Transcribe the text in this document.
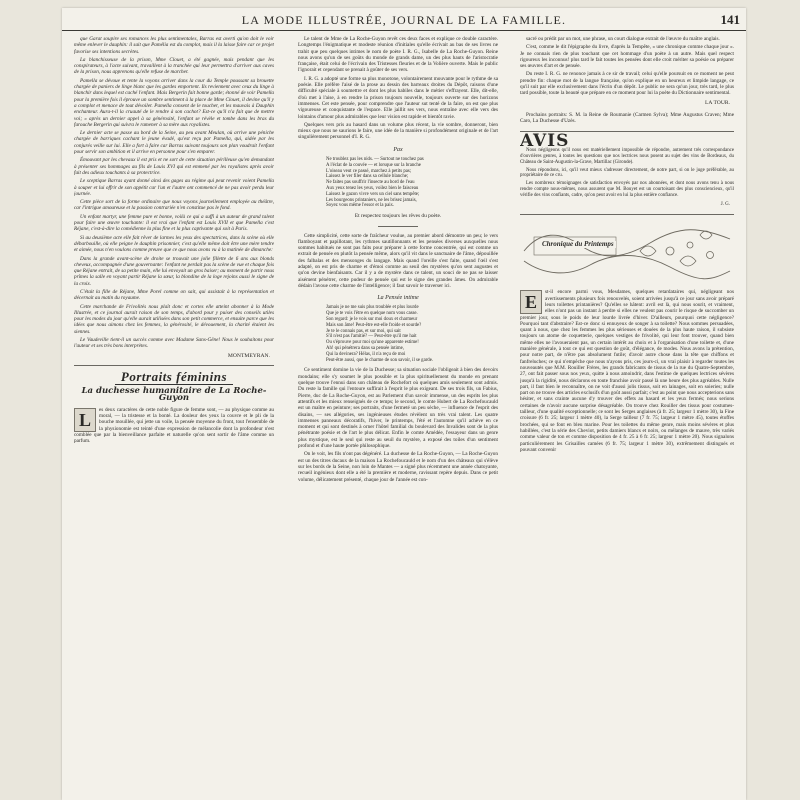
LA MODE ILLUSTRÉE, JOURNAL DE LA FAMILLE.	141

que Garat soupire ses romances les plus sentimentales, Barras est averti qu'on doit le voir même enlever le dauphin: il sait que Pamélia est du complot, mais il la laisse faire car ce projet favorise ses intentions secrètes.

La blanchisseuse de la prison, Mme Clouet, a été gagnée, mais pendant que les conspirateurs, à l'acte suivant, travaillent à la tranchée qui leur permettra d'arriver aux caves de la prison, nous apprenons qu'elle refuse de marcher.

Pamella se dévoue et tente la voyons arriver dans la cour du Temple poussant sa brouette chargée de paniers de linge blanc que les gardes emportent. Ils reviennent avec ceux du linge à blanchir dans lequel est caché l'enfant. Mais Bergerin fait bonne garde; étonné de voir Pamella pour la première fois il éprouve un sombre sentiment à la place de Mme Clouet, il devine qu'il y a complot et menace de tout dévoiler. Pamella consent de le toucher, et les mauvais à Dauphin enchanteur. Aura-t-il la cruauté de le rendre à son cachot? Est-ce qu'il n'a fait que de mettre voi; « après un dernier appel à sa générosité, l'enfant se révèle et tombe dans les bras du farouche Bergerin qui suivra le ramener à sa mère aux royalistes.

Le dernier acte se passe au bord de la Seine, au peu avant Meulan, où arrive une péniche chargée de barriques cachant le jeune évadé, qu'est reçu par Pamella, qui, aidée par les conjurés veille sur lui. Elle a fort à faire car Barras suivant toujours son plan voudrait l'enfant pour servir son ambition et il arrive en personne pour s'en emparer.

Émouvant par les chevaux il est pris et ne sort de cette situation périlleuse qu'en demandant à présenter ses hommages au fils de Louis XVI qui est emmené par les royalistes après avoir fait des adieux touchants à sa protectrice.

Le sceptique Barras ayant donné ainsi des gages au régime qui peut revenir voient Pamella à souper et lui offrir de son appétit car l'un et l'autre ont commencé de ne pas avoir perdu leur journée.

Cette pièce sort de la forme ordinaire que nous voyons journellement employée au théâtre, car l'intrigue amoureuse et la passion contrariée n'en constitue pas le fond.

Un enfant martyr, une femme pure et bonne, voilà ce qui a suffi à un auteur de grand talent pour faire une œuvre touchante: il est vrai que l'enfant est Louis XVII et que Pamella c'est Réjane, c'est-à-dire la comédienne la plus fine et la plus captivante qui soit à Paris.

Si au deuxième acte elle fait rêver de larmes les yeux des spectatrices, dans la scène où elle débarbouille, où elle peigne le dauphin prisonnier, c'est qu'elle même doit être une mère tendre et aimée, nous n'en voulons comme preuve que ce que nous avons vu à la matinée de dimanche:

Dans la grande avant-scène de droite se trouvait une jolie fillette de 6 ans aux blonds cheveux, accompagnée d'une gouvernante: l'enfant ne perdait pas la scène de vue et chaque fois que Réjane entrait, de sa petite main, elle lui envoyait un gros baiser; au moment de partir nous prîmes la salle en voyant partir Réjane la sœur, la blondine de la loge rejoins aussi le signe de la croix.

C'était la fille de Réjane, Mme Porel comme on sait, qui assistait à la représentation et décernait au matin du royaume.

Cette marchande de Frivolités nous plaît donc et cortes elle atteint abonner à la Mode Illustrée, et ce journal aurait raison de son temps, d'abord pour y puiser des conseils utiles pour les modes du jour qu'elle aurait utilisées dans son petit commerce, et ensuite parce que les idées que nous aimons chez les femmes, la générosité, le dévouement, la charité étaient les siennes.

Le Vaudeville tient-il un succès comme avec Madame Sans-Gêne! Nous le souhaitons pour l'auteur et ses très bons interprètes.

MONTMEYRAN.
Portraits féminins
La duchesse humanitaire de La Roche-Guyon
L	es deux caractères de cette noble figure de femme sont, — au physique comme au moral, — la tristesse et la bonté. La douleur des yeux la couvre et le pli de la bouche mouillée, qui jette un voile, la pensée moyenne du front, tout l'ensemble de la physionomie est teinté d'une expression de mélancolie dont la profondeur n'est comblée que par la bienveillance parfaite et naturelle qu'on sent sortir de l'âme comme un parfum.

Le talent de Mme de La Roche-Guyon revêt ces deux faces et explique ce double caractère. Longtemps l'énigmatique et modeste réunion d'initiales qu'elle écrivait au bas de ses livres ne trahit que peu quelques intimes le nom de poète I. R. G., Isabelle de La Roche-Guyon. Reine nous avons qu'un de ses goûts du monde de grands dame, un des plus hauts de l'aristocratie française, était celui de l'écrivain des Tristesses fleuries et de la Volière ouverte. Mais le public l'ignorait et cependant se prenait à goûter de ses vers.

I. R. G. a adopté une forme sa plus monotone, volontairement mouvante pour le rythme de sa poésie. Elle préfère l'aisé de la prose au dessin des barreaux droites du Dépôt, raisons d'une difficulté spéciale à soumettre et dont les plus habiles dans le métier s'effrayent. Elle, dit-elle, d'où met à l'aise, à en rendre la prison toujours nouvelle, toujours ouverte sur des horizons immenses. Cet este pensée, pour comprendre que l'auteur sut tenté de la faire, on est que plus vigoureuse et conquistante de l'espace. Elle jaillit ses vers, nous entraîne avec elle vers des lointains d'amour plus admirables que leur vision est rapide et bientôt ravie.

Quelques vers pris au hasard dans un volume plus récent, la vie sombre, donneront, bien mieux que nous ne saurions le faire, une idée de la manière si profondément originale et de l'art singulièrement personnel d'I. R. G.

Pax
Ne troublez pas les nids. — Surtout ne touchez pas
A l'éclat de la couvée — et lorsque sur la branche
L'oiseau veut ce passé, marchez à petits pas;
Laissez le ver filer dans sa cellule blanche;
Ne faites pas souffrir l'insecte au bord de l'eau
Aux yeux tenez les yeux, voilez bien le faisceau
Laissez le gazon vivre vers un ciel sans tempête;
Les bourgeons printaniers, ne les brisez jamais,
Soyez vous même l'essor et la paix.
Et respectez toujours les rêves du poète.

Cette simplicité, cette sorte de fraîcheur voulue, au premier abord démontre un peu; le vers flamboyant et papillotant, les rythmes sautillonnants et les pensées diverses auxquelles nous sommes habitués ne sont pas faits pour préparer à cette forme concentrée, qui est comme un extrait de pensée en plutôt la pensée même, alors qu'il vit dans le sanctuaire de l'âme, dépouillée des falbalas et des mensonges du langage. Mais quand l'oreille s'est faite, quand l'œil s'est adapté, on est pris de charme et d'émoi comme au seuil des mystères qu'on sent augustes et qu'on devine bienfaisants. Car il y a de mystère dans ce talent, un souci de ne pas se laisser aisément pénétrer, cette pudeur de pensée qui est le signe des grandes âmes. On admirable dédain l'avoue cette charme de l'intelligence; il faut savoir le traverser ici.

La Pensée intime
Jamais je ne me suis plus troublée et plus lourde
Que je te vois l'être en quelque nom vous casse.
Son regard: je le vois sur moi doux et charmeur
Mais son âme! Peut-être est-elle froide et sourde?
Je te le connais pas, et sur moi, qui sait
S'il n'est pas l'amitié? — Peut-être qu'il me hait
Ou s'éprouve pour moi qu'une apparente estime!
Ah! qui pénétrera dans sa pensée intime,
Qui la devinera? Hélas, il n'a reçu de moi
Peut-être aussi, que le charme de son savoir, il se garde.

Ce sentiment domine la vie de la Duchesse; sa situation sociale l'obligeait à bien des devoirs mondains; elle s'y soumet le plus possible et la plus spirituellement du monde en prenant quelque trouve l'ennui dans son château de Rochefort où quelques amis seulement sont admis. Du reste la famille qui l'entoure suffirait à l'esprit le plus exigeant. De ses trois fils, un Fabius, Pierre, duc de La Roche-Guyon, est au Parlement d'un savoir immense, un des esprits les plus attentifs et les mieux renseignés de ce temps; le second, le comte Hubert de La Rochefoucauld est un maître en peinture; ses portraits, d'une fermeté un peu sèche, — influence de l'esprit des disains, — ses allégories, ses ingénieuses études révèlent un très vrai talent. Les quatre immenses panneaux décoratifs, l'hiver, le printemps, l'été et l'automne qu'il achève en ce moment et qui sont destinés à orner l'hôtel familial du boulevard des Invalides sont de la plus pénétrante poésie et de l'art le plus délicat. Enfin le comte Amédée, l'essayeur dans un genre plus mystique, est le seul qui reste au seuil du mystère, a exposé des toiles d'un sentiment profond et d'une haute portée philosophique.

On le voit, les fils n'ont pas dégénéré. La duchesse de La Roche-Guyon, — La Roche-Guyon est un des titres ducaux de la maison La Rochefoucauld et le nom d'un des châteaux qui s'élève sur les bords de la Seine, non loin de Mantes — a signé plus récemment une année chatoyante, recueil ingénieux dont elle a été la première et moderne, ravissant repère depuis. Dans ce petit volume, délicatement présenté, chaque jour de l'année est con-

sacré ou prédit par un mot, une phrase, un court dialogue extrait de l'œuvre du maître anglais.

C'est, comme le dit l'épigraphe du livre, d'après la Tempête, « une chronique comme chaque jour ». Je ne connais rien de plus touchant que cet hommage d'un poète à un autre. Mais quel respect rigoureux les inconnus! plus tard le fait toutes les pensées dont elle croit mériter sa poésie ou préparer ses œuvres d'art et de pensée.

Du reste I. R. G. ne renonce jamais à ce sir de travail; celui qu'elle poursuit en ce moment ne peut prendre fin: chaque mot de la langue française, qu'on explique en un heureux et limpide langage, ce qu'il suit par elle exclusivement dans l'écrin d'un dépôt. Le public ne sera qu'un jour, très tard, le plus tard possible, toute la beauté que prépare en ce moment pour lui la poète du Dictionnaire sentimental.

LA TOUR.

Prochains portraits: S. M. la Reine de Roumanie (Carmen Sylva); Mme Augustus Craven; Mme Caro, La Duchesse d'Uzès.

AVIS

Nous négligeons qu'il nous est matériellement impossible de répondre, autrement très correspondance d'ouvrières genres, à toutes les questions que nos lectrices nous posent au sujet des vins de Bordeaux, du Château de Saint-Augustin-la-Grave, Martillac (Gironde).

Nous répondons, ici, qu'il veut mieux s'adresser directement, de notre part, si on le juge préférable, au propriétaire de ce cru.

Les nombreux témoignages de satisfaction envoyés par nos abonnées, et dont nous avons tenu à nous rendre compte nous-mêmes, nous assurent que M. Bouyet est un courtoisant des plus consciencieux, qu'il vérifie des vins confiants, cadre, qu'on peut avoir en lui la plus entière confiance.

J. G.
Chronique du Printemps
E	st-il encore parmi vous, Mesdames, quelques retardataires qui, négligeant nos avertissements plusieurs fois renouvelés, soient arrivées jusqu'à ce jour sans avoir préparé leurs toilettes printanières? Qu'elles se hâtent: avril est là, qui nous sourit, et vraiment, elles n'ont pas un instant à perdre si elles ne veulent pas courir le risque de succomber un premier jour, sous le poids de leur lourde livrée d'hiver. D'ailleurs, pourquoi cette négligence? Pourquoi tant d'abstraire? Est-ce donc si ennuyeux de songer à sa toilette? Nous sommes persuadées, quant à nous, que chez les femmes les plus sérieuses et douées de la plus haute raison, il subsiste toujours un atome de coquetterie, quelques vestiges de frivolité, qui leur font trouver, quand bien même elles ne l'avoueraient pas, un certain intérêt au choix et à l'organisation d'une toilette et, d'une manière générale, à tout ce qui est question de goût, d'élégance, de modes. Nous avons la prétention, pour notre part, de n'être pas absolument futile; d'avoir autre chose dans la tête que chiffons et fanfreluches; ce qui n'empêche que nous n'ayons pris, ces jours-ci, un vrai plaisir à regarder toutes les nouveautés que M.M. Rouiller Frères, les grands fabricants de tissus de la rue du Quatre-Septembre, 27, ont fait passer sous nos yeux, quitte à nous amoindrir, dans l'estime de quelques lectrices sévères jusqu'à la rigidité, nous déclarons en toute franchise avoir passé là une heure des plus agréables. Nulle part, il faut bien le reconnaître, on ne voit d'aussi jolis tissus, soit en lainages, soit en soieries; nulle part on ne trouve des articles exclusifs d'un goût aussi parfait; c'est au point que nous accepterions sans hésiter, et sans crainte aucune d'y trouver des effets au hasard et les yeux fermés; nous serions certaines de n'avoir aucune surprise désagréable. On trouve chez Rouiller des tissus pour costumes-tailleur, d'une qualité exceptionnelle; ce sont les Serges anglaises (à fr. 25; largeur 1 mètre 30), la Fine croisure (6 fr. 25; largeur 1 mètre 40), la Serge tailleur (7 fr. 75; largeur 1 mètre 45), toutes étoffes brochées, qui se font en bleu marine. Pour les toilettes du même genre, mais moins sévères et plus habillées, c'est la série des Cheviot, petits damiers blancs et noirs, ou mélanges de mauve, très variés comme valeur de ton et comme disposition de 4 fr. 25 à 6 fr. 25; largeur 1 mètre 20). Nous signalons particulièrement les Grisailles camées (6 fr. 75; largeur 1 mètre 30), extrêmement distingués et pouvant convenir
